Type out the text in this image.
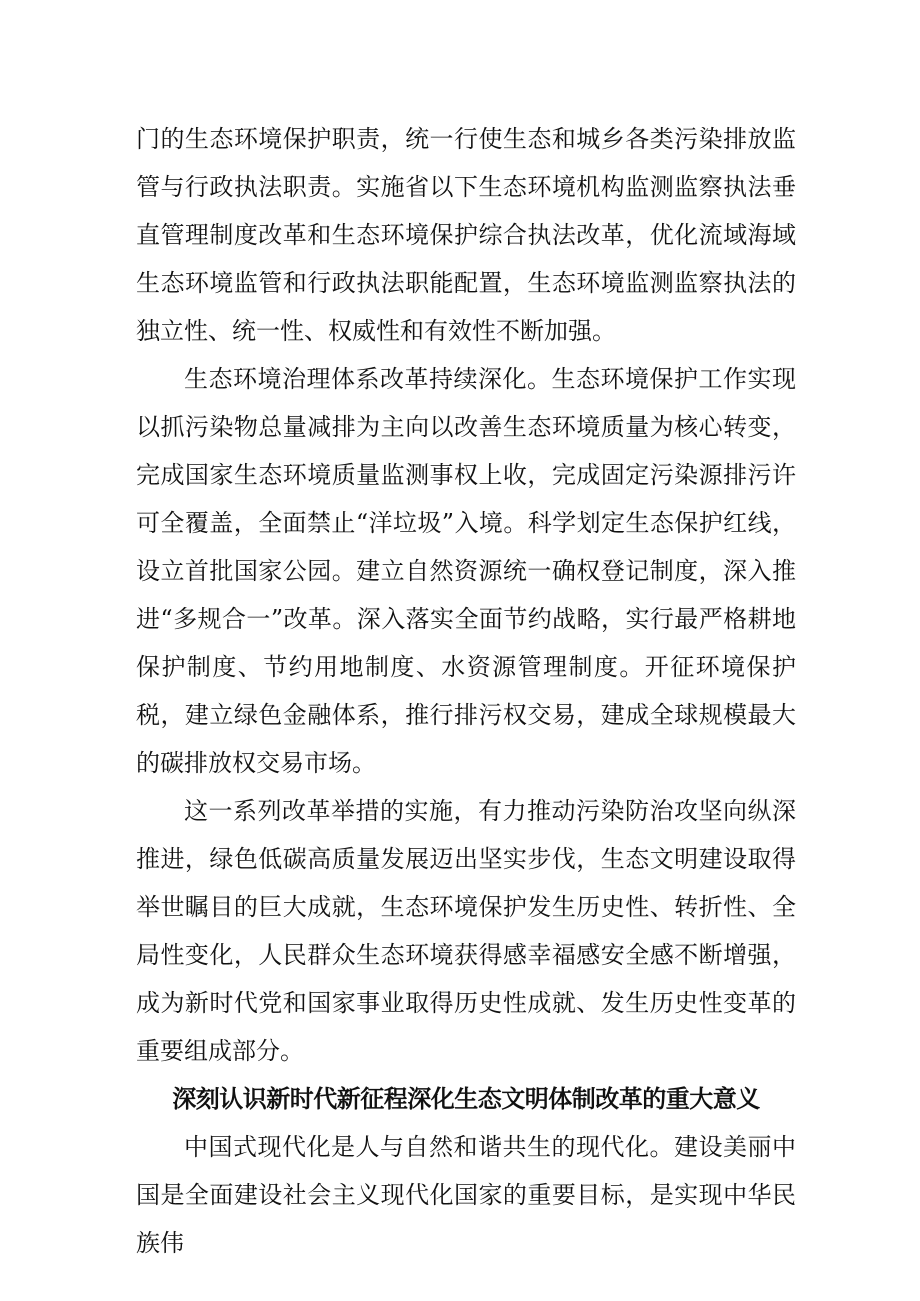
门的生态环境保护职责，统一行使生态和城乡各类污染排放监管与行政执法职责。实施省以下生态环境机构监测监察执法垂直管理制度改革和生态环境保护综合执法改革，优化流域海域生态环境监管和行政执法职能配置，生态环境监测监察执法的独立性、统一性、权威性和有效性不断加强。

生态环境治理体系改革持续深化。生态环境保护工作实现以抓污染物总量减排为主向以改善生态环境质量为核心转变，完成国家生态环境质量监测事权上收，完成固定污染源排污许可全覆盖，全面禁止“洋垃圾”入境。科学划定生态保护红线，设立首批国家公园。建立自然资源统一确权登记制度，深入推进“多规合一”改革。深入落实全面节约战略，实行最严格耕地保护制度、节约用地制度、水资源管理制度。开征环境保护税，建立绿色金融体系，推行排污权交易，建成全球规模最大的碳排放权交易市场。

这一系列改革举措的实施，有力推动污染防治攻坚向纵深推进，绿色低碳高质量发展迈出坚实步伐，生态文明建设取得举世瞩目的巨大成就，生态环境保护发生历史性、转折性、全局性变化，人民群众生态环境获得感幸福感安全感不断增强，成为新时代党和国家事业取得历史性成就、发生历史性变革的重要组成部分。

深刻认识新时代新征程深化生态文明体制改革的重大意义

中国式现代化是人与自然和谐共生的现代化。建设美丽中国是全面建设社会主义现代化国家的重要目标，是实现中华民族伟
